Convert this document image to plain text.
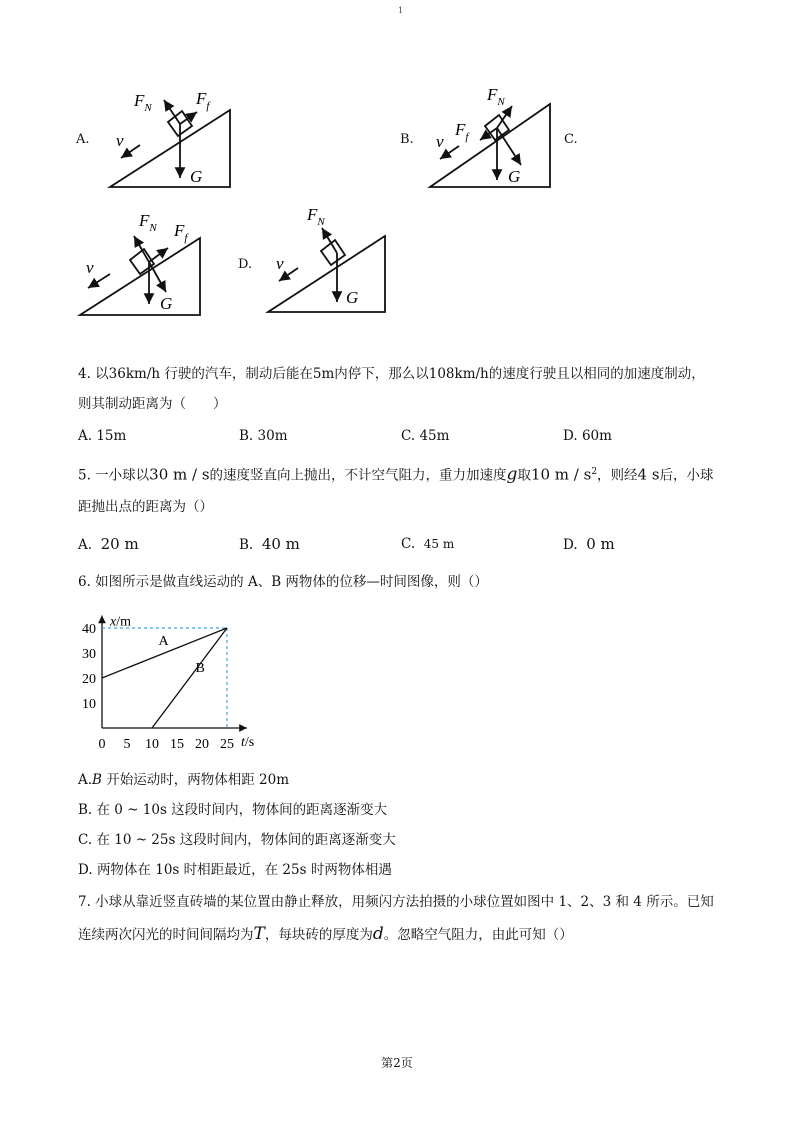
1
A.
$F_N$	$F_f$
G
v
$F_N$
$F_f$
G
v
$F_N$ $F_f$
G
v
$F_N$
G
v
B.	C.
D.
4. 以36km/h 行驶的汽车，制动后能在5m内停下，那么以108km/h的速度行驶且以相同的加速度制动，
则其制动距离为（　　）
A. 15m	B. 30m	C. 45m	D. 60m
5. 一小球以30 m / s的速度竖直向上抛出，不计空气阻力，重力加速度g取10 m / $s^2$，则经4 s后，小球
距抛出点的距离为（）
A. 20 m	B. 40 m	C. 45 m	D. 0 m
6. 如图所示是做直线运动的 A、B 两物体的位移—时间图像，则（）
x/m
t/s
0 5 10 15 20 25
10
20
30
40
A
B
A.B 开始运动时，两物体相距 20m
B. 在 0 ~ 10s 这段时间内，物体间的距离逐渐变大
C. 在 10 ~ 25s 这段时间内，物体间的距离逐渐变大
D. 两物体在 10s 时相距最近，在 25s 时两物体相遇
7. 小球从靠近竖直砖墙的某位置由静止释放，用频闪方法拍摄的小球位置如图中 1、2、3 和 4 所示。已知
连续两次闪光的时间间隔均为T，每块砖的厚度为d。忽略空气阻力，由此可知（）
第2页
